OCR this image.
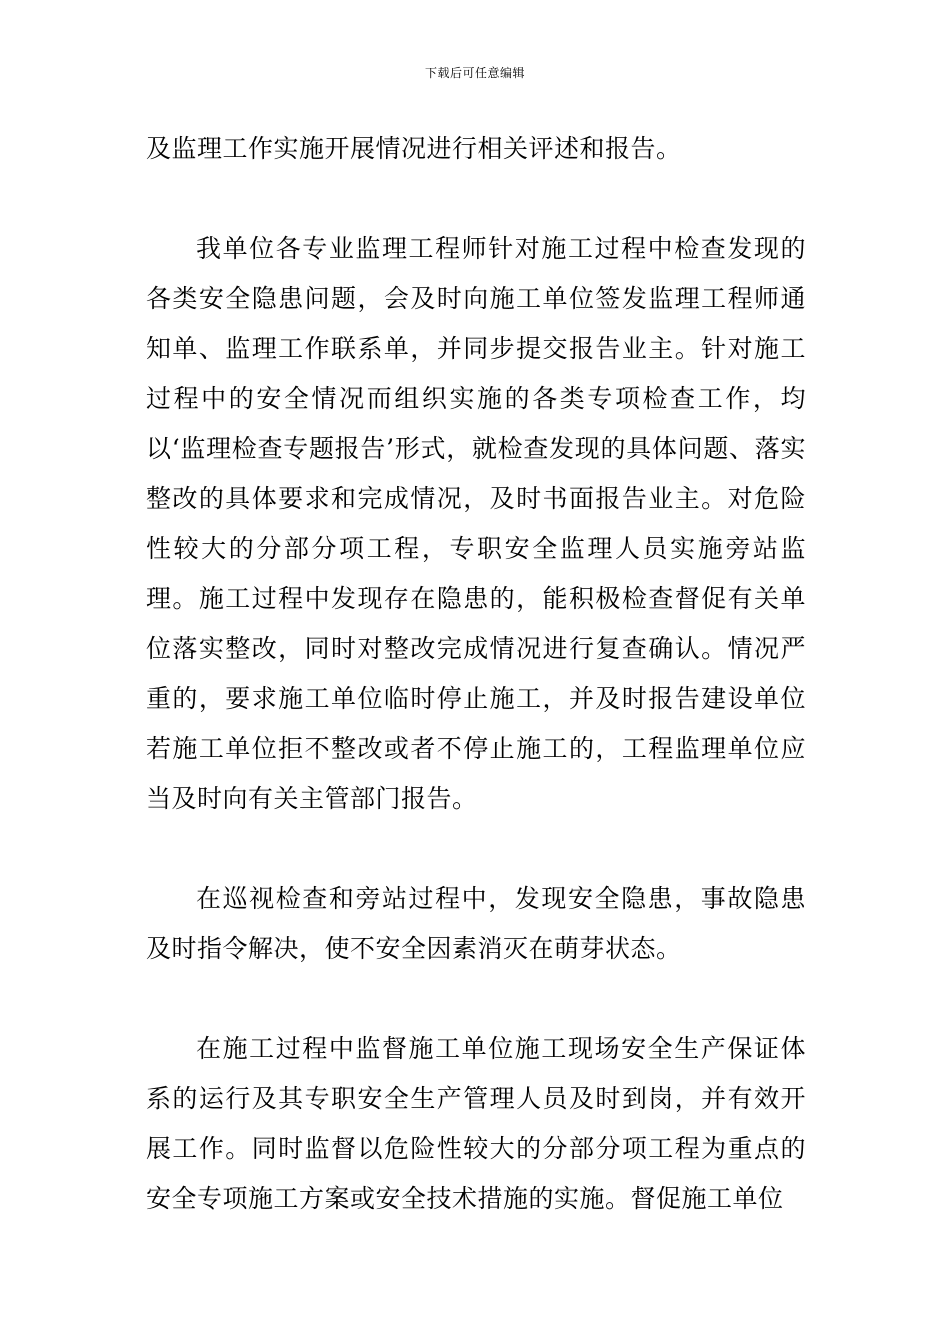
下载后可任意编辑

及监理工作实施开展情况进行相关评述和报告。

我单位各专业监理工程师针对施工过程中检查发现的各类安全隐患问题，会及时向施工单位签发监理工程师通知单、监理工作联系单，并同步提交报告业主。针对施工过程中的安全情况而组织实施的各类专项检查工作，均以‘监理检查专题报告’形式，就检查发现的具体问题、落实整改的具体要求和完成情况，及时书面报告业主。对危险性较大的分部分项工程，专职安全监理人员实施旁站监理。施工过程中发现存在隐患的，能积极检查督促有关单位落实整改，同时对整改完成情况进行复查确认。情况严重的，要求施工单位临时停止施工，并及时报告建设单位若施工单位拒不整改或者不停止施工的，工程监理单位应当及时向有关主管部门报告。

在巡视检查和旁站过程中，发现安全隐患，事故隐患及时指令解决，使不安全因素消灭在萌芽状态。

在施工过程中监督施工单位施工现场安全生产保证体系的运行及其专职安全生产管理人员及时到岗，并有效开展工作。同时监督以危险性较大的分部分项工程为重点的安全专项施工方案或安全技术措施的实施。督促施工单位
